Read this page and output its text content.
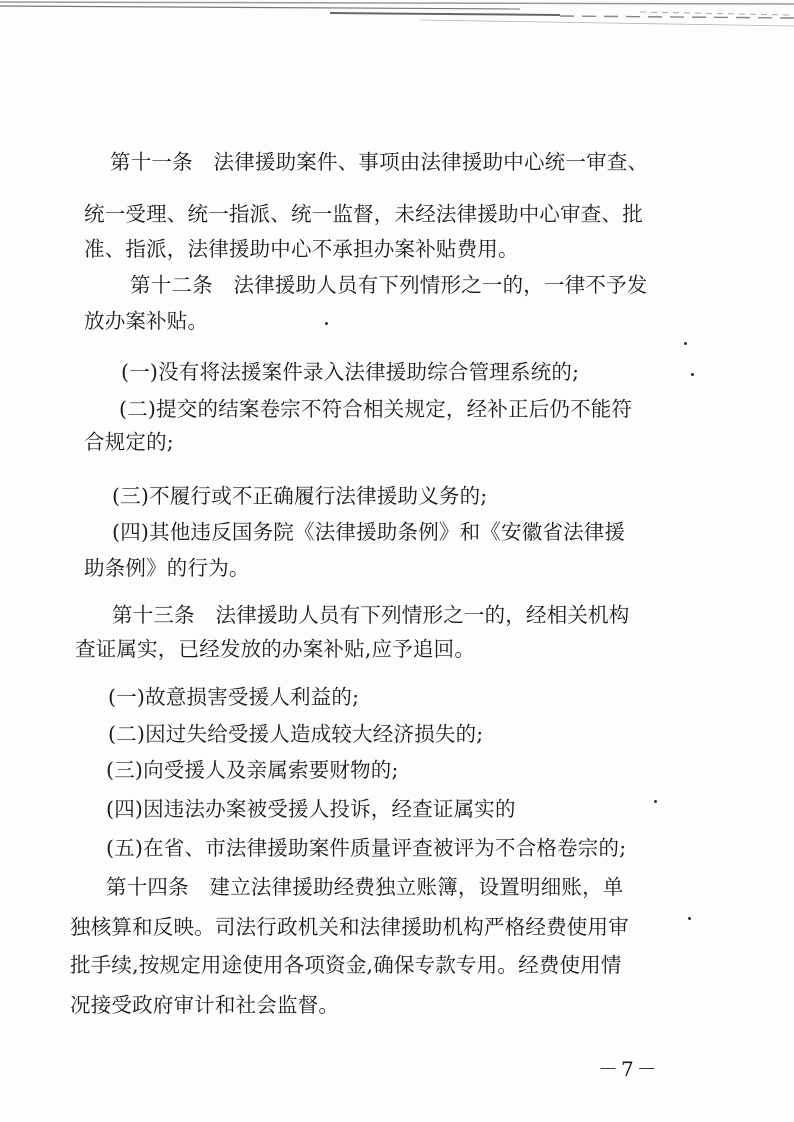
第十一条　法律援助案件、事项由法律援助中心统一审查、

统一受理、统一指派、统一监督，未经法律援助中心审查、批

准、指派，法律援助中心不承担办案补贴费用。

第十二条　法律援助人员有下列情形之一的，一律不予发

放办案补贴。

(一)没有将法援案件录入法律援助综合管理系统的;

(二)提交的结案卷宗不符合相关规定，经补正后仍不能符

合规定的;

(三)不履行或不正确履行法律援助义务的;

(四)其他违反国务院《法律援助条例》和《安徽省法律援

助条例》的行为。

第十三条　法律援助人员有下列情形之一的，经相关机构

查证属实，已经发放的办案补贴,应予追回。

(一)故意损害受援人利益的;

(二)因过失给受援人造成较大经济损失的;

(三)向受援人及亲属索要财物的;

(四)因违法办案被受援人投诉，经查证属实的

(五)在省、市法律援助案件质量评查被评为不合格卷宗的;

第十四条　建立法律援助经费独立账簿，设置明细账，单

独核算和反映。司法行政机关和法律援助机构严格经费使用审

批手续,按规定用途使用各项资金,确保专款专用。经费使用情

况接受政府审计和社会监督。

－7－
